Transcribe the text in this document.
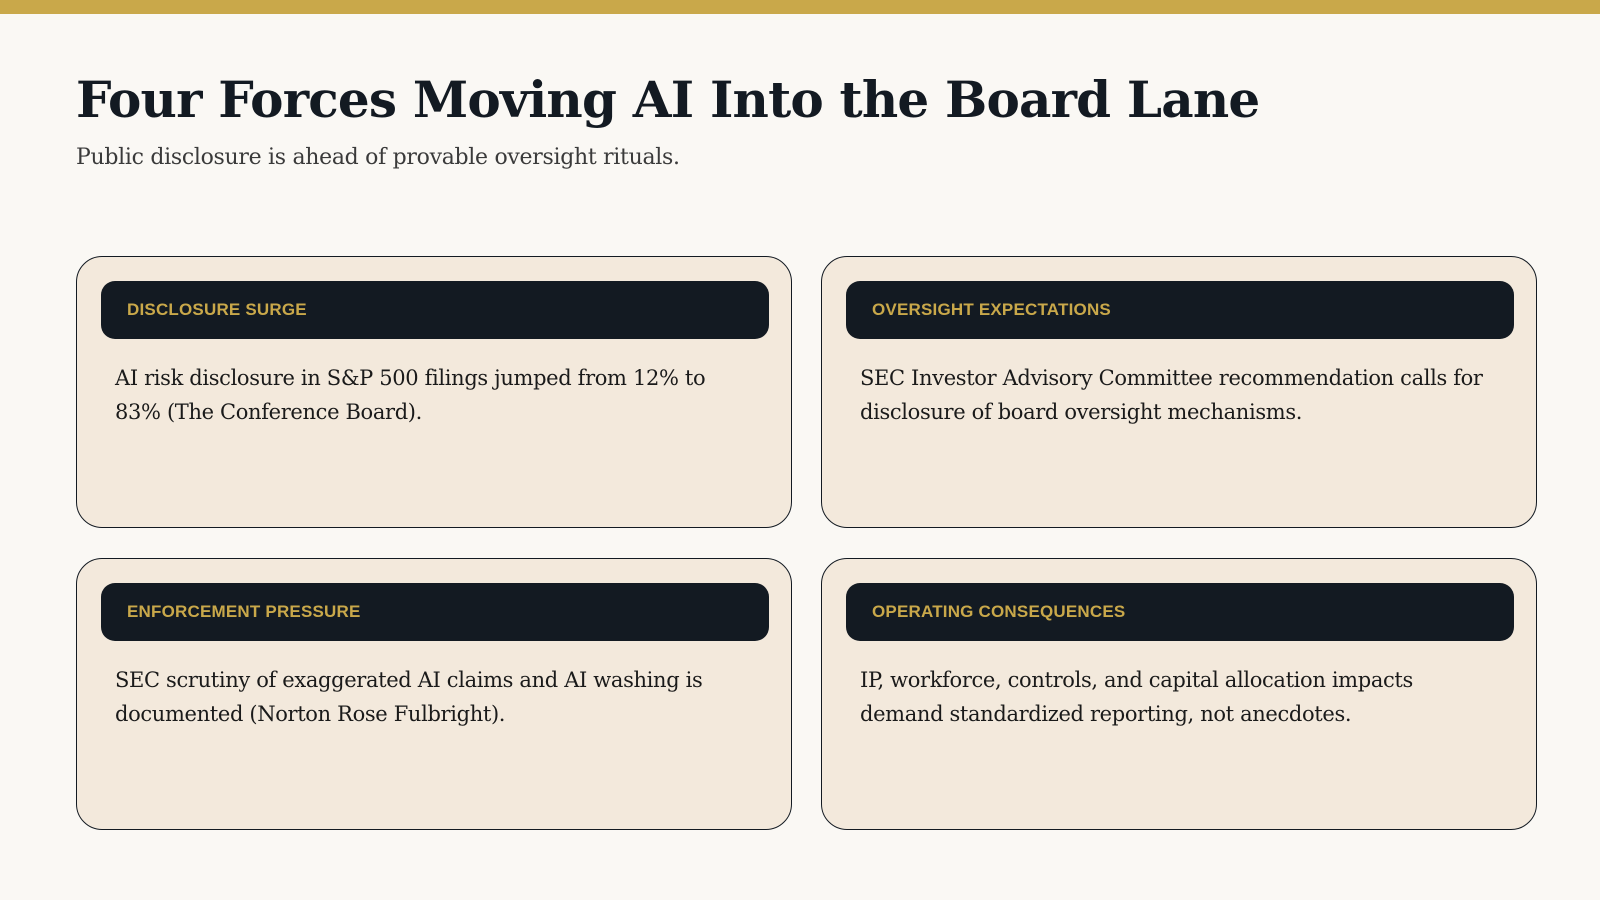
Four Forces Moving AI Into the Board Lane

Public disclosure is ahead of provable oversight rituals.

DISCLOSURE SURGE

AI risk disclosure in S&P 500 filings jumped from 12% to 83% (The Conference Board).

OVERSIGHT EXPECTATIONS

SEC Investor Advisory Committee recommendation calls for disclosure of board oversight mechanisms.

ENFORCEMENT PRESSURE

SEC scrutiny of exaggerated AI claims and AI washing is documented (Norton Rose Fulbright).

OPERATING CONSEQUENCES

IP, workforce, controls, and capital allocation impacts demand standardized reporting, not anecdotes.
